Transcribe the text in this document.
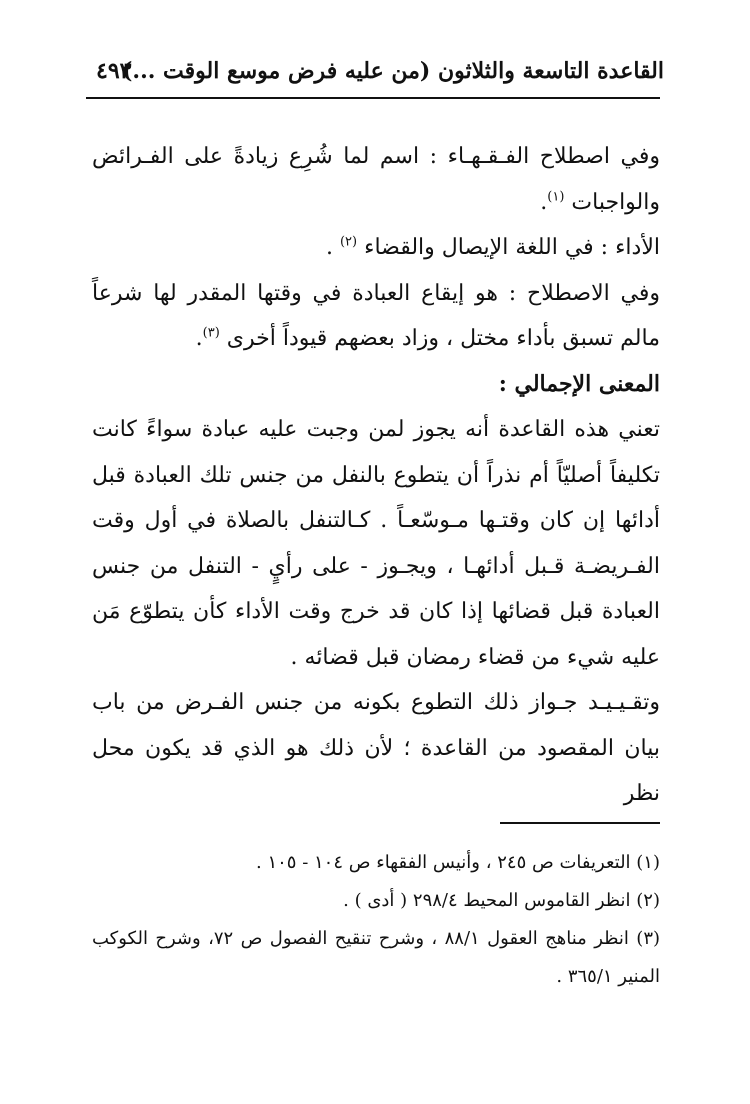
القاعدة التاسعة والثلاثون (من عليه فرض موسع الوقت ...)
٤٩٣

وفي اصطلاح الفـقـهـاء : اسم لما شُرِع زيادةً على الفـرائض والواجبات $^{(١)}$.

الأداء : في اللغة الإيصال والقضاء $^{(٢)}$ .

وفي الاصطلاح : هو إيقاع العبادة في وقتها المقدر لها شرعاً مالم تسبق بأداء مختل ، وزاد بعضهم قيوداً أخرى $^{(٣)}$.

المعنى الإجمالي :

تعني هذه القاعدة أنه يجوز لمن وجبت عليه عبادة سواءً كانت تكليفاً أصليّاً أم نذراً أن يتطوع بالنفل من جنس تلك العبادة قبل أدائها إن كان وقتـها مـوسّعـاً . كـالتنفل بالصلاة في أول وقت الفـريضـة قـبل أدائهـا ، ويجـوز - على رأيٍ - التنفل من جنس العبادة قبل قضائها إذا كان قد خرج وقت الأداء كأن يتطوّع مَن عليه شيء من قضاء رمضان قبل قضائه .

وتقـيـيـد جـواز ذلك التطوع بكونه من جنس الفـرض من باب بيان المقصود من القاعدة ؛ لأن ذلك هو الذي قد يكون محل نظر

(١) التعريفات ص ٢٤٥ ، وأنيس الفقهاء ص ١٠٤ - ١٠٥ .

(٢) انظر القاموس المحيط ٢٩٨/٤ ( أدى ) .

(٣) انظر مناهج العقول ٨٨/١ ، وشرح تنقيح الفصول ص ٧٢، وشرح الكوكب المنير ٣٦٥/١ .
